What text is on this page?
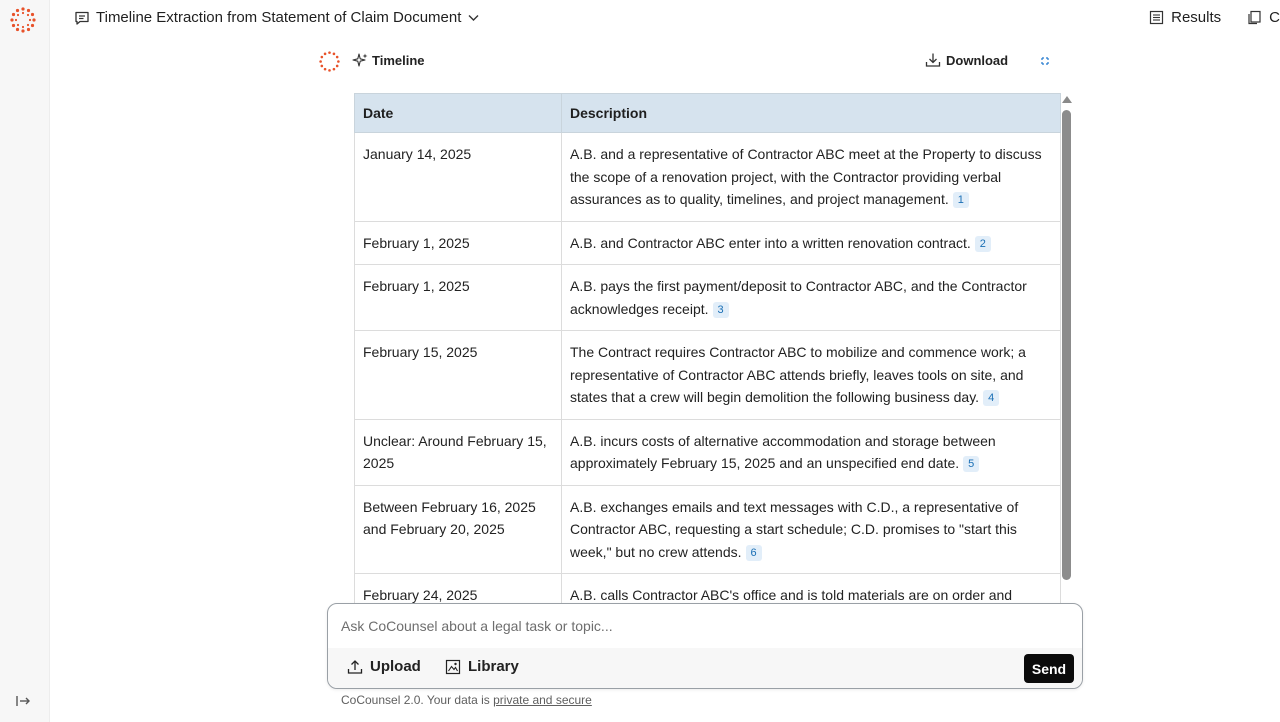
Timeline Extraction from Statement of Claim Document	Results	C
Timeline	Download
Date	Description
January 14, 2025	A.B. and a representative of Contractor ABC meet at the Property to discuss the scope of a renovation project, with the Contractor providing verbal assurances as to quality, timelines, and project management. 1
February 1, 2025	A.B. and Contractor ABC enter into a written renovation contract. 2
February 1, 2025	A.B. pays the first payment/deposit to Contractor ABC, and the Contractor acknowledges receipt. 3
February 15, 2025	The Contract requires Contractor ABC to mobilize and commence work; a representative of Contractor ABC attends briefly, leaves tools on site, and states that a crew will begin demolition the following business day. 4
Unclear: Around February 15, 2025	A.B. incurs costs of alternative accommodation and storage between approximately February 15, 2025 and an unspecified end date. 5
Between February 16, 2025 and February 20, 2025	A.B. exchanges emails and text messages with C.D., a representative of Contractor ABC, requesting a start schedule; C.D. promises to "start this week," but no crew attends. 6
February 24, 2025	A.B. calls Contractor ABC's office and is told materials are on order and
Ask CoCounsel about a legal task or topic...
Upload	Library	Send
CoCounsel 2.0. Your data is private and secure
